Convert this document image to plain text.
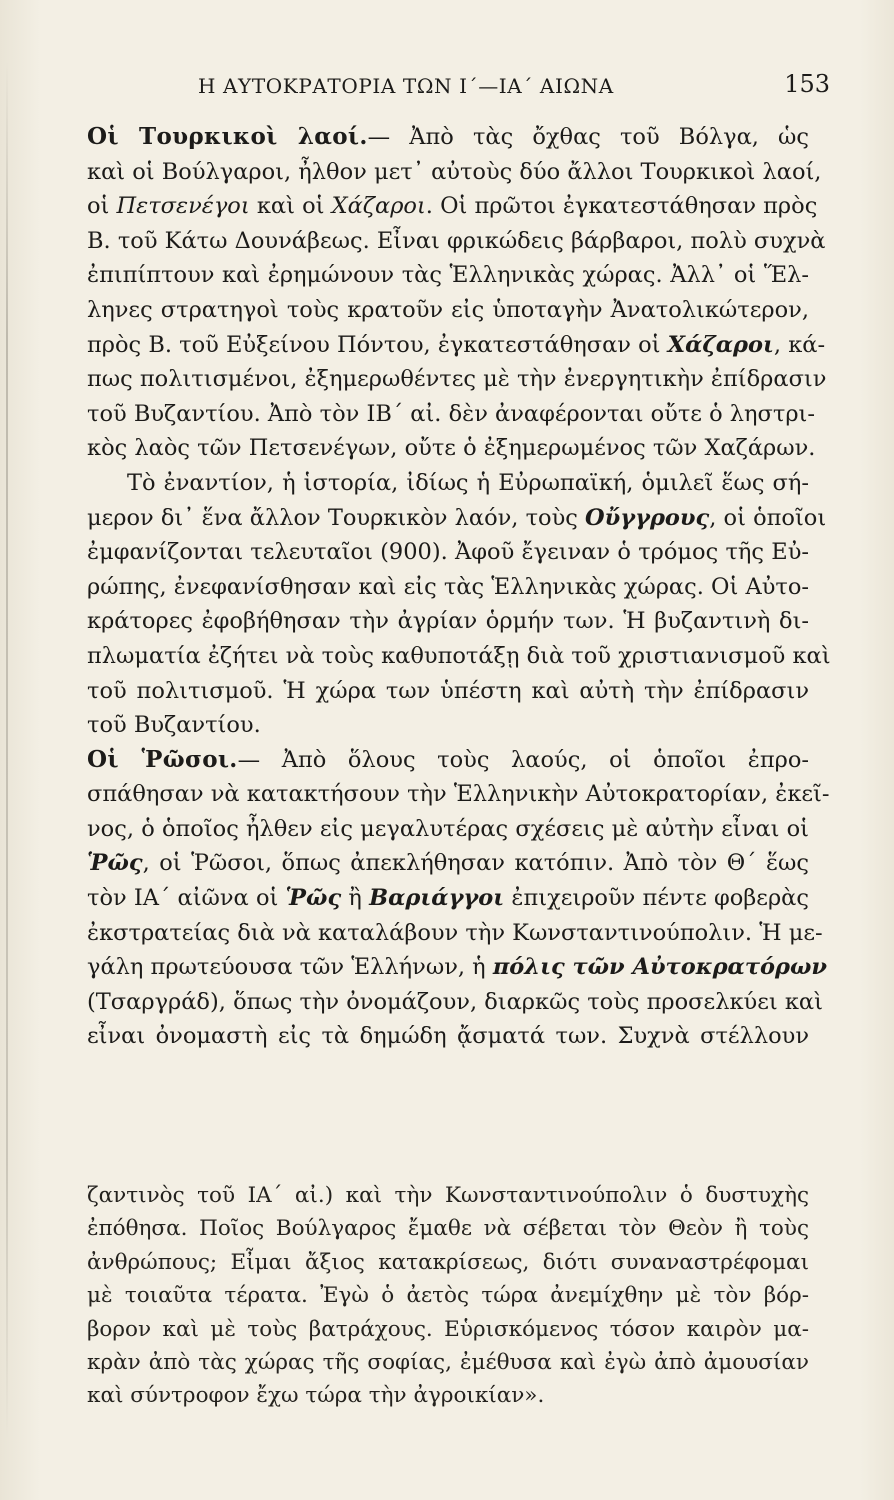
Η ΑΥΤΟΚΡΑΤΟΡΙΑ ΤΩΝ Ι΄—ΙΑ΄ ΑΙΩΝΑ	153
Οἱ Τουρκικοὶ λαοί.— Ἀπὸ τὰς ὄχθας τοῦ Βόλγα, ὡς
καὶ οἱ Βούλγαροι, ἦλθον μετ᾿ αὐτοὺς δύο ἄλλοι Τουρκικοὶ λαοί,
οἱ Πετσενέγοι καὶ οἱ Χάζαροι. Οἱ πρῶτοι ἐγκατεστάθησαν πρὸς
Β. τοῦ Κάτω Δουνάβεως. Εἶναι φρικώδεις βάρβαροι, πολὺ συχνὰ
ἐπιπίπτουν καὶ ἐρημώνουν τὰς Ἑλληνικὰς χώρας. Ἀλλ᾿ οἱ Ἕλ-
ληνες στρατηγοὶ τοὺς κρατοῦν εἰς ὑποταγὴν Ἀνατολικώτερον,
πρὸς Β. τοῦ Εὐξείνου Πόντου, ἐγκατεστάθησαν οἱ Χάζαροι, κά-
πως πολιτισμένοι, ἐξημερωθέντες μὲ τὴν ἐνεργητικὴν ἐπίδρασιν
τοῦ Βυζαντίου. Ἀπὸ τὸν ΙΒ΄ αἰ. δὲν ἀναφέρονται οὔτε ὁ ληστρι-
κὸς λαὸς τῶν Πετσενέγων, οὔτε ὁ ἐξημερωμένος τῶν Χαζάρων.
Τὸ ἐναντίον, ἡ ἱστορία, ἰδίως ἡ Εὐρωπαϊκή, ὁμιλεῖ ἕως σή-
μερον δι᾿ ἕνα ἄλλον Τουρκικὸν λαόν, τοὺς Οὔγγρους, οἱ ὁποῖοι
ἐμφανίζονται τελευταῖοι (900). Ἀφοῦ ἔγειναν ὁ τρόμος τῆς Εὐ-
ρώπης, ἐνεφανίσθησαν καὶ εἰς τὰς Ἑλληνικὰς χώρας. Οἱ Αὐτο-
κράτορες ἐφοβήθησαν τὴν ἀγρίαν ὁρμήν των. Ἡ βυζαντινὴ δι-
πλωματία ἐζήτει νὰ τοὺς καθυποτάξῃ διὰ τοῦ χριστιανισμοῦ καὶ
τοῦ πολιτισμοῦ. Ἡ χώρα των ὑπέστη καὶ αὐτὴ τὴν ἐπίδρασιν
τοῦ Βυζαντίου.
Οἱ Ῥῶσοι.— Ἀπὸ ὅλους τοὺς λαούς, οἱ ὁποῖοι ἐπρο-
σπάθησαν νὰ κατακτήσουν τὴν Ἑλληνικὴν Αὐτοκρατορίαν, ἐκεῖ-
νος, ὁ ὁποῖος ἦλθεν εἰς μεγαλυτέρας σχέσεις μὲ αὐτὴν εἶναι οἱ
Ῥῶς, οἱ Ῥῶσοι, ὅπως ἀπεκλήθησαν κατόπιν. Ἀπὸ τὸν Θ΄ ἕως
τὸν ΙΑ΄ αἰῶνα οἱ Ῥῶς ἢ Βαριάγγοι ἐπιχειροῦν πέντε φοβερὰς
ἐκστρατείας διὰ νὰ καταλάβουν τὴν Κωνσταντινούπολιν. Ἡ με-
γάλη πρωτεύουσα τῶν Ἑλλήνων, ἡ πόλις τῶν Αὐτοκρατόρων
(Τσαργράδ), ὅπως τὴν ὀνομάζουν, διαρκῶς τοὺς προσελκύει καὶ
εἶναι ὀνομαστὴ εἰς τὰ δημώδη ᾄσματά των. Συχνὰ στέλλουν
ζαντινὸς τοῦ ΙΑ΄ αἰ.) καὶ τὴν Κωνσταντινούπολιν ὁ δυστυχὴς
ἐπόθησα. Ποῖος Βούλγαρος ἔμαθε νὰ σέβεται τὸν Θεὸν ἢ τοὺς
ἀνθρώπους; Εἶμαι ἄξιος κατακρίσεως, διότι συναναστρέφομαι
μὲ τοιαῦτα τέρατα. Ἐγὼ ὁ ἀετὸς τώρα ἀνεμίχθην μὲ τὸν βόρ-
βορον καὶ μὲ τοὺς βατράχους. Εὑρισκόμενος τόσον καιρὸν μα-
κρὰν ἀπὸ τὰς χώρας τῆς σοφίας, ἐμέθυσα καὶ ἐγὼ ἀπὸ ἀμουσίαν
καὶ σύντροφον ἔχω τώρα τὴν ἀγροικίαν».
